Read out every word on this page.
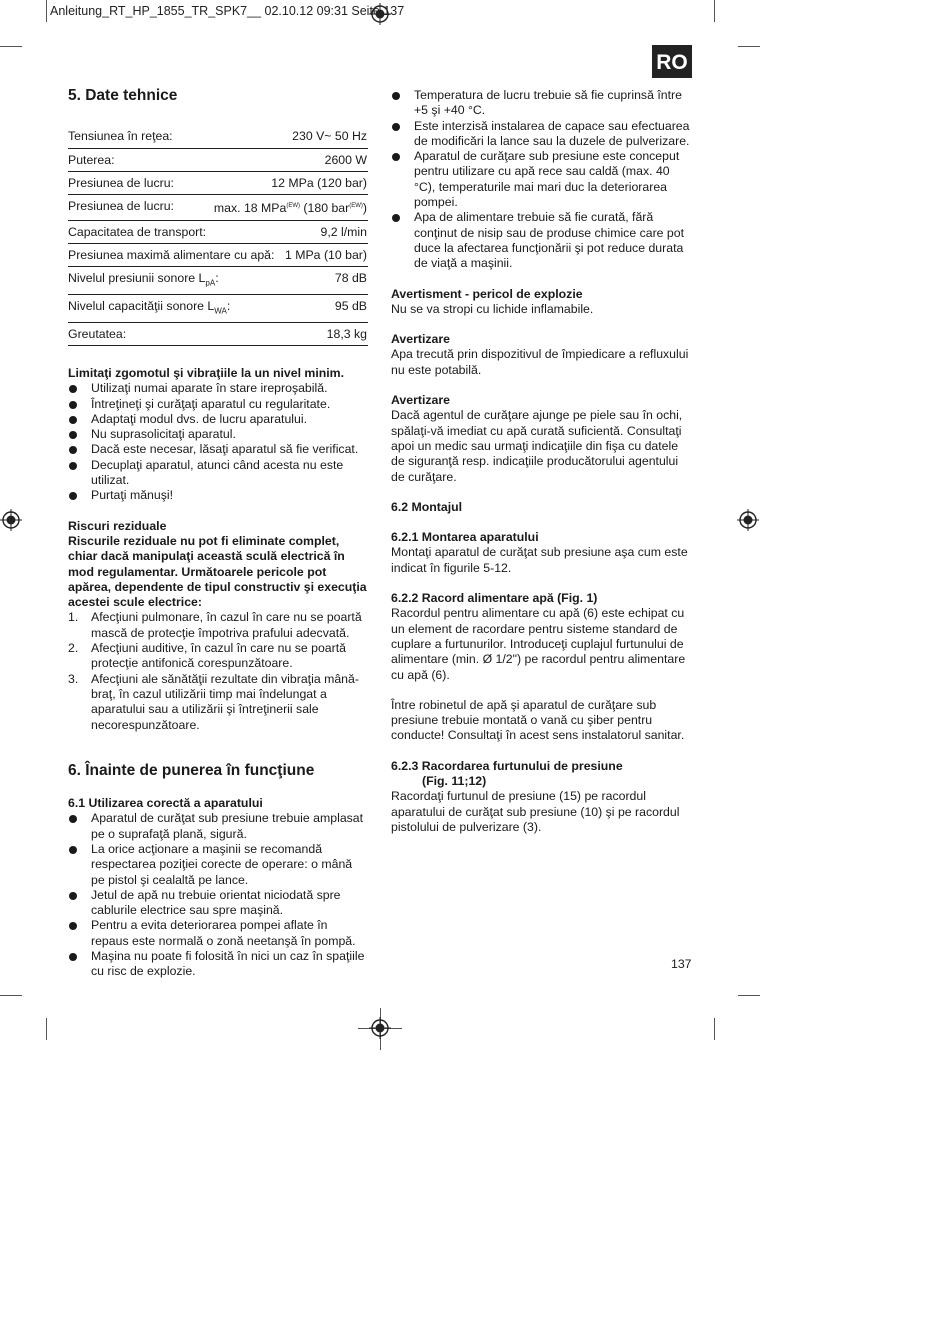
Anleitung_RT_HP_1855_TR_SPK7__ 02.10.12 09:31 Seite 137
RO
5. Date tehnice
Tensiunea în reţea:	230 V~ 50 Hz
Puterea:	2600 W
Presiunea de lucru:	12 MPa (120 bar)
Presiunea de lucru:	max. 18 MPa$^{(EW)}$ (180 bar$^{(EW)}$)
Capacitatea de transport:	9,2 l/min
Presiunea maximă alimentare cu apă: 1 MPa (10 bar)
Nivelul presiunii sonore $L_{pA}$:	78 dB
Nivelul capacităţii sonore $L_{WA}$:	95 dB
Greutatea:	18,3 kg
Limitaţi zgomotul şi vibraţiile la un nivel minim.
Utilizaţi numai aparate în stare ireproşabilă.
Întreţineţi şi curăţaţi aparatul cu regularitate.
Adaptaţi modul dvs. de lucru aparatului.
Nu suprasolicitaţi aparatul.
Dacă este necesar, lăsaţi aparatul să fie verificat.
Decuplaţi aparatul, atunci când acesta nu este utilizat.
Purtaţi mănuşi!
Riscuri reziduale
Riscurile reziduale nu pot fi eliminate complet, chiar dacă manipulaţi această sculă electrică în mod regulamentar. Următoarele pericole pot apărea, dependente de tipul constructiv şi execuţia acestei scule electrice:
1. Afecţiuni pulmonare, în cazul în care nu se poartă mască de protecţie împotriva prafului adecvată.
2. Afecţiuni auditive, în cazul în care nu se poartă protecţie antifonică corespunzătoare.
3. Afecţiuni ale sănătăţii rezultate din vibraţia mână-braţ, în cazul utilizării timp mai îndelungat a aparatului sau a utilizării şi întreţinerii sale necorespunzătoare.
6. Înainte de punerea în funcţiune
6.1 Utilizarea corectă a aparatului
Aparatul de curăţat sub presiune trebuie amplasat pe o suprafaţă plană, sigură.
La orice acţionare a maşinii se recomandă respectarea poziţiei corecte de operare: o mână pe pistol şi cealaltă pe lance.
Jetul de apă nu trebuie orientat niciodată spre cablurile electrice sau spre maşină.
Pentru a evita deteriorarea pompei aflate în repaus este normală o zonă neetanşă în pompă.
Maşina nu poate fi folosită în nici un caz în spaţiile cu risc de explozie.
Temperatura de lucru trebuie să fie cuprinsă între +5 şi +40 °C.
Este interzisă instalarea de capace sau efectuarea de modificări la lance sau la duzele de pulverizare.
Aparatul de curăţare sub presiune este conceput pentru utilizare cu apă rece sau caldă (max. 40 °C), temperaturile mai mari duc la deteriorarea pompei.
Apa de alimentare trebuie să fie curată, fără conţinut de nisip sau de produse chimice care pot duce la afectarea funcţionării şi pot reduce durata de viaţă a maşinii.
Avertisment - pericol de explozie
Nu se va stropi cu lichide inflamabile.
Avertizare
Apa trecută prin dispozitivul de împiedicare a refluxului nu este potabilă.
Avertizare
Dacă agentul de curăţare ajunge pe piele sau în ochi, spălaţi-vă imediat cu apă curată suficientă. Consultaţi apoi un medic sau urmaţi indicaţiile din fişa cu datele de siguranţă resp. indicaţiile producătorului agentului de curăţare.
6.2 Montajul
6.2.1 Montarea aparatului
Montaţi aparatul de curăţat sub presiune aşa cum este indicat în figurile 5-12.
6.2.2 Racord alimentare apă (Fig. 1)
Racordul pentru alimentare cu apă (6) este echipat cu un element de racordare pentru sisteme standard de cuplare a furtunurilor. Introduceţi cuplajul furtunului de alimentare (min. Ø 1/2") pe racordul pentru alimentare cu apă (6).
Între robinetul de apă şi aparatul de curăţare sub presiune trebuie montată o vană cu şiber pentru conducte! Consultaţi în acest sens instalatorul sanitar.
6.2.3 Racordarea furtunului de presiune
(Fig. 11;12)
Racordaţi furtunul de presiune (15) pe racordul aparatului de curăţat sub presiune (10) şi pe racordul pistolului de pulverizare (3).
137
